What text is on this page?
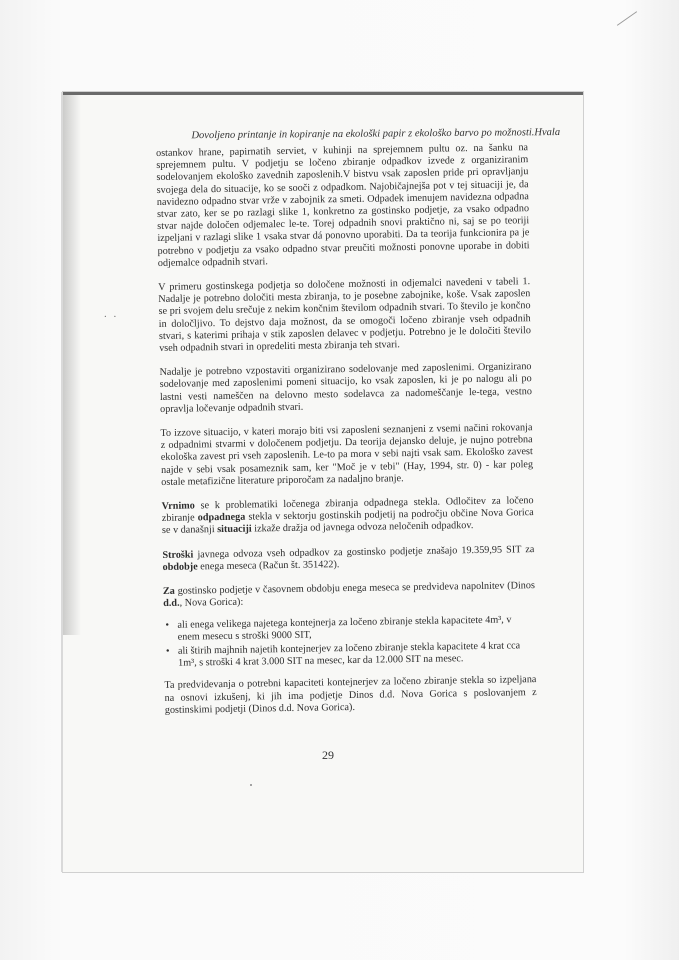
. .
Dovoljeno printanje in kopiranje na ekološki papir z ekološko barvo po možnosti.Hvala

ostankov hrane, papirnatih serviet, v kuhinji na sprejemnem pultu oz. na šanku na sprejemnem pultu. V podjetju se ločeno zbiranje odpadkov izvede z organiziranim sodelovanjem ekološko zavednih zaposlenih.V bistvu vsak zaposlen pride pri opravljanju svojega dela do situacije, ko se sooči z odpadkom. Najobičajnejša pot v tej situaciji je, da navidezno odpadno stvar vrže v zabojnik za smeti. Odpadek imenujem navidezna odpadna stvar zato, ker se po razlagi slike 1, konkretno za gostinsko podjetje, za vsako odpadno stvar najde določen odjemalec le-te. Torej odpadnih snovi praktično ni, saj se po teoriji izpeljani v razlagi slike 1 vsaka stvar dá ponovno uporabiti. Da ta teorija funkcionira pa je potrebno v podjetju za vsako odpadno stvar preučiti možnosti ponovne uporabe in dobiti odjemalce odpadnih stvari.

V primeru gostinskega podjetja so določene možnosti in odjemalci navedeni v tabeli 1. Nadalje je potrebno določiti mesta zbiranja, to je posebne zabojnike, koše. Vsak zaposlen se pri svojem delu srečuje z nekim končnim številom odpadnih stvari. To število je končno in določljivo. To dejstvo daja možnost, da se omogoči ločeno zbiranje vseh odpadnih stvari, s katerimi prihaja v stik zaposlen delavec v podjetju. Potrebno je le določiti število vseh odpadnih stvari in opredeliti mesta zbiranja teh stvari.

Nadalje je potrebno vzpostaviti organizirano sodelovanje med zaposlenimi. Organizirano sodelovanje med zaposlenimi pomeni situacijo, ko vsak zaposlen, ki je po nalogu ali po lastni vesti nameščen na delovno mesto sodelavca za nadomeščanje le-tega, vestno opravlja ločevanje odpadnih stvari.

To izzove situacijo, v kateri morajo biti vsi zaposleni seznanjeni z vsemi načini rokovanja z odpadnimi stvarmi v določenem podjetju. Da teorija dejansko deluje, je nujno potrebna ekološka zavest pri vseh zaposlenih. Le-to pa mora v sebi najti vsak sam. Ekološko zavest najde v sebi vsak posameznik sam, ker "Moč je v tebi" (Hay, 1994, str. 0) - kar poleg ostale metafizične literature priporočam za nadaljno branje.

Vrnimo se k problematiki ločenega zbiranja odpadnega stekla. Odločitev za ločeno zbiranje odpadnega stekla v sektorju gostinskih podjetij na področju občine Nova Gorica se v današnji situaciji izkaže dražja od javnega odvoza neločenih odpadkov.

Stroški javnega odvoza vseh odpadkov za gostinsko podjetje znašajo 19.359,95 SIT za obdobje enega meseca (Račun št. 351422).

Za gostinsko podjetje v časovnem obdobju enega meseca se predvideva napolnitev (Dinos d.d., Nova Gorica):

• ali enega velikega najetega kontejnerja za ločeno zbiranje stekla kapacitete 4m³, v enem mesecu s stroški 9000 SIT,
• ali štirih majhnih najetih kontejnerjev za ločeno zbiranje stekla kapacitete 4 krat cca 1m³, s stroški 4 krat 3.000 SIT na mesec, kar da 12.000 SIT na mesec.

Ta predvidevanja o potrebni kapaciteti kontejnerjev za ločeno zbiranje stekla so izpeljana na osnovi izkušenj, ki jih ima podjetje Dinos d.d. Nova Gorica s poslovanjem z gostinskimi podjetji (Dinos d.d. Nova Gorica).

29
